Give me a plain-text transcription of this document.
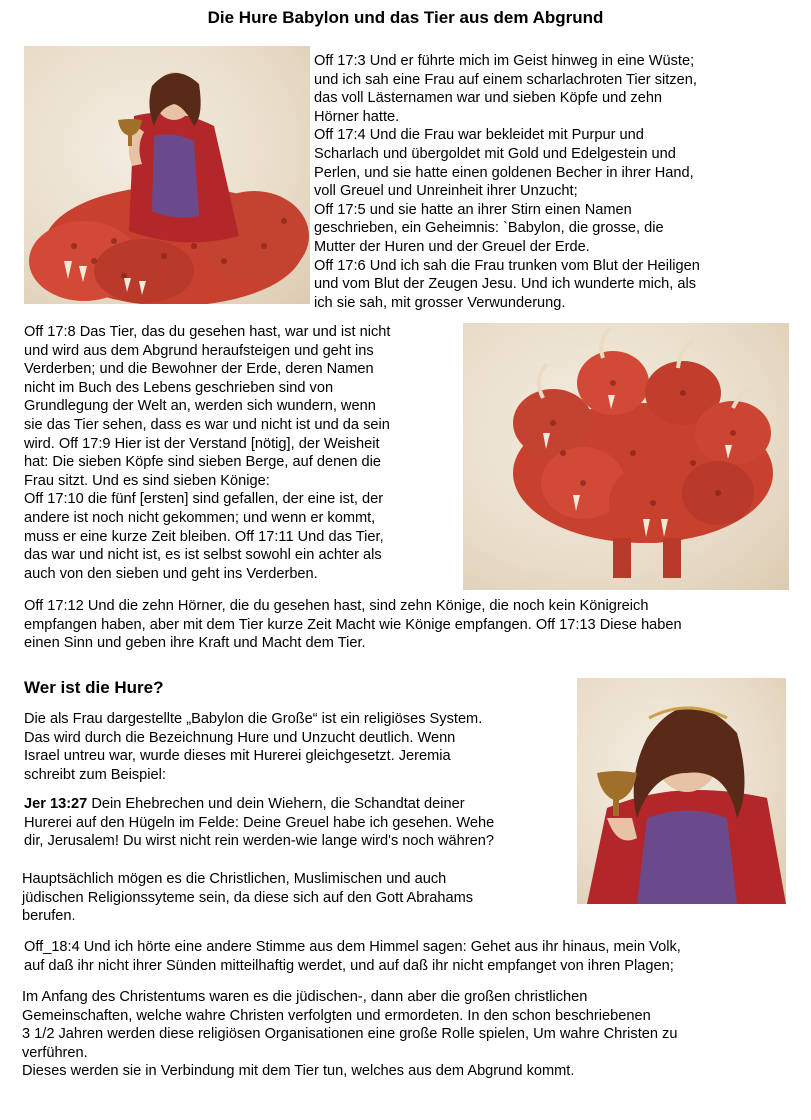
Die Hure Babylon und das Tier aus dem Abgrund

Off 17:3 Und er führte mich im Geist hinweg in eine Wüste;

und ich sah eine Frau auf einem scharlachroten Tier sitzen,

das voll Lästernamen war und sieben Köpfe und zehn

Hörner hatte.

Off 17:4 Und die Frau war bekleidet mit Purpur und

Scharlach und übergoldet mit Gold und Edelgestein und

Perlen, und sie hatte einen goldenen Becher in ihrer Hand,

voll Greuel und Unreinheit ihrer Unzucht;

Off 17:5 und sie hatte an ihrer Stirn einen Namen

geschrieben, ein Geheimnis: `Babylon, die grosse, die

Mutter der Huren und der Greuel der Erde.

Off 17:6 Und ich sah die Frau trunken vom Blut der Heiligen

und vom Blut der Zeugen Jesu. Und ich wunderte mich, als

ich sie sah, mit grosser Verwunderung.

Off 17:8 Das Tier, das du gesehen hast, war und ist nicht

und wird aus dem Abgrund heraufsteigen und geht ins

Verderben; und die Bewohner der Erde, deren Namen

nicht im Buch des Lebens geschrieben sind von

Grundlegung der Welt an, werden sich wundern, wenn

sie das Tier sehen, dass es war und nicht ist und da sein

wird. Off 17:9 Hier ist der Verstand [nötig], der Weisheit

hat: Die sieben Köpfe sind sieben Berge, auf denen die

Frau sitzt. Und es sind sieben Könige:

Off 17:10 die fünf [ersten] sind gefallen, der eine ist, der

andere ist noch nicht gekommen; und wenn er kommt,

muss er eine kurze Zeit bleiben. Off 17:11 Und das Tier,

das war und nicht ist, es ist selbst sowohl ein achter als

auch von den sieben und geht ins Verderben.

Off 17:12 Und die zehn Hörner, die du gesehen hast, sind zehn Könige, die noch kein Königreich

empfangen haben, aber mit dem Tier kurze Zeit Macht wie Könige empfangen. Off 17:13 Diese haben

einen Sinn und geben ihre Kraft und Macht dem Tier.

Wer ist die Hure?

Die als Frau dargestellte „Babylon die Große“ ist ein religiöses System.

Das wird durch die Bezeichnung Hure und Unzucht deutlich. Wenn

Israel untreu war, wurde dieses mit Hurerei gleichgesetzt. Jeremia

schreibt zum Beispiel:

Jer 13:27 Dein Ehebrechen und dein Wiehern, die Schandtat deiner

Hurerei auf den Hügeln im Felde: Deine Greuel habe ich gesehen. Wehe

dir, Jerusalem! Du wirst nicht rein werden-wie lange wird's noch währen?

Hauptsächlich mögen es die Christlichen, Muslimischen und auch

jüdischen Religionssyteme sein, da diese sich auf den Gott Abrahams

berufen.

Off_18:4 Und ich hörte eine andere Stimme aus dem Himmel sagen: Gehet aus ihr hinaus, mein Volk,

auf daß ihr nicht ihrer Sünden mitteilhaftig werdet, und auf daß ihr nicht empfanget von ihren Plagen;

Im Anfang des Christentums waren es die jüdischen-, dann aber die großen christlichen

Gemeinschaften, welche wahre Christen verfolgten und ermordeten. In den schon beschriebenen

3 1/2 Jahren werden diese religiösen Organisationen eine große Rolle spielen, Um wahre Christen zu

verführen.

Dieses werden sie in Verbindung mit dem Tier tun, welches aus dem Abgrund kommt.
